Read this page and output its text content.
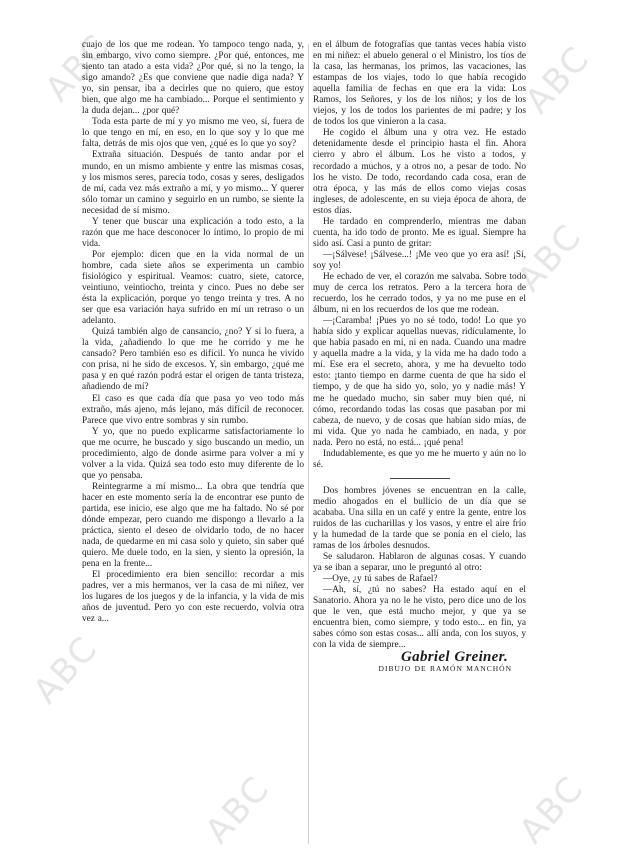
ABC
ABC
ABC
ABC
ABC
ABC

cuajo de los que me rodean. Yo tampoco tengo nada, y, sin embargo, vivo como siempre. ¿Por qué, entonces, me siento tan atado a esta vida? ¿Por qué, si no la tengo, la sigo amando? ¿Es que conviene que nadie diga nada? Y yo, sin pensar, iba a decirles que no quiero, que estoy bien, que algo me ha cambiado... Porque el sentimiento y la duda dejan... ¿por qué?

Toda esta parte de mí y yo mismo me veo, sí, fuera de lo que tengo en mí, en eso, en lo que soy y lo que me falta, detrás de mis ojos que ven, ¿qué es lo que yo soy?

Extraña situación. Después de tanto andar por el mundo, en un mismo ambiente y entre las mismas cosas, y los mismos seres, parecía todo, cosas y seres, desligados de mí, cada vez más extraño a mí, y yo mismo... Y querer sólo tomar un camino y seguirlo en un rumbo, se siente la necesidad de sí mismo.

Y tener que buscar una explicación a todo esto, a la razón que me hace desconocer lo íntimo, lo propio de mi vida.

Por ejemplo: dicen que en la vida normal de un hombre, cada siete años se experimenta un cambio fisiológico y espiritual. Veamos: cuatro, siete, catorce, veintiuno, veintiocho, treinta y cinco. Pues no debe ser ésta la explicación, porque yo tengo treinta y tres. A no ser que esa variación haya sufrido en mí un retraso o un adelanto.

Quizá también algo de cansancio, ¿no? Y si lo fuera, a la vida, ¿añadiendo lo que me he corrido y me he cansado? Pero también eso es difícil. Yo nunca he vivido con prisa, ni he sido de excesos. Y, sin embargo, ¿qué me pasa y en qué razón podrá estar el origen de tanta tristeza, añadiendo de mí?

El caso es que cada día que pasa yo veo todo más extraño, más ajeno, más lejano, más difícil de reconocer. Parece que vivo entre sombras y sin rumbo.

Y yo, que no puedo explicarme satisfactoriamente lo que me ocurre, he buscado y sigo buscando un medio, un procedimiento, algo de donde asirme para volver a mí y volver a la vida. Quizá sea todo esto muy diferente de lo que yo pensaba.

Reintegrarme a mí mismo... La obra que tendría que hacer en este momento sería la de encontrar ese punto de partida, ese inicio, ese algo que me ha faltado. No sé por dónde empezar, pero cuando me dispongo a llevarlo a la práctica, siento el deseo de olvidarlo todo, de no hacer nada, de quedarme en mi casa solo y quieto, sin saber qué quiero. Me duele todo, en la sien, y siento la opresión, la pena en la frente...

El procedimiento era bien sencillo: recordar a mis padres, ver a mis hermanos, ver la casa de mi niñez, ver los lugares de los juegos y de la infancia, y la vida de mis años de juventud. Pero yo con este recuerdo, volvía otra vez a...

en el álbum de fotografías que tantas veces había visto en mi niñez: el abuelo general o el Ministro, los tíos de la casa, las hermanas, los primos, las vacaciones, las estampas de los viajes, todo lo que había recogido aquella familia de fechas en que era la vida: Los Ramos, los Señores, y los de los niños; y los de los viejos, y los de todos los parientes de mi padre; y los de todos los que vinieron a la casa.

He cogido el álbum una y otra vez. He estado detenidamente desde el principio hasta el fin. Ahora cierro y abro el álbum. Los he visto a todos, y recordado a muchos, y a otros no, a pesar de todo. No los he visto. De todo, recordando cada cosa, eran de otra época, y las más de ellos como viejas cosas ingleses, de adolescente, en su vieja época de ahora, de estos días.

He tardado en comprenderlo, mientras me daban cuenta, ha ido todo de pronto. Me es igual. Siempre ha sido así. Casi a punto de gritar:

—¡Sálvese! ¡Sálvese...! ¡Me veo que yo era así! ¡Sí, soy yo!

He echado de ver, el corazón me salvaba. Sobre todo muy de cerca los retratos. Pero a la tercera hora de recuerdo, los he cerrado todos, y ya no me puse en el álbum, ni en los recuerdos de los que me rodean.

—¡Caramba! ¡Pues yo no sé todo, todo! Lo que yo había sido y explicar aquellas nuevas, ridículamente, lo que había pasado en mí, ni en nada. Cuando una madre y aquella madre a la vida, y la vida me ha dado todo a mí. Ese era el secreto, ahora, y me ha devuelto todo esto: ¡tanto tiempo en darme cuenta de que ha sido el tiempo, y de que ha sido yo, solo, yo y nadie más! Y me he quedado mucho, sin saber muy bien qué, ni cómo, recordando todas las cosas que pasaban por mi cabeza, de nuevo, y de cosas que habían sido mías, de mi vida. Que yo nada he cambiado, en nada, y por nada. Pero no está, no está... ¡qué pena!

Indudablemente, es que yo me he muerto y aún no lo sé.

Dos hombres jóvenes se encuentran en la calle, medio ahogados en el bullicio de un día que se acababa. Una silla en un café y entre la gente, entre los ruidos de las cucharillas y los vasos, y entre el aire frío y la humedad de la tarde que se ponía en el cielo, las ramas de los árboles desnudos.

Se saludaron. Hablaron de algunas cosas. Y cuando ya se iban a separar, uno le preguntó al otro:

—Oye, ¿y tú sabes de Rafael?

—Ah, sí, ¿tú no sabes? Ha estado aquí en el Sanatorio. Ahora ya no le he visto, pero dice uno de los que le ven, que está mucho mejor, y que ya se encuentra bien, como siempre, y todo esto... en fin, ya sabes cómo son estas cosas... allí anda, con los suyos, y con la vida de siempre...

Gabriel Greiner.

DIBUJO DE RAMÓN MANCHÓN
